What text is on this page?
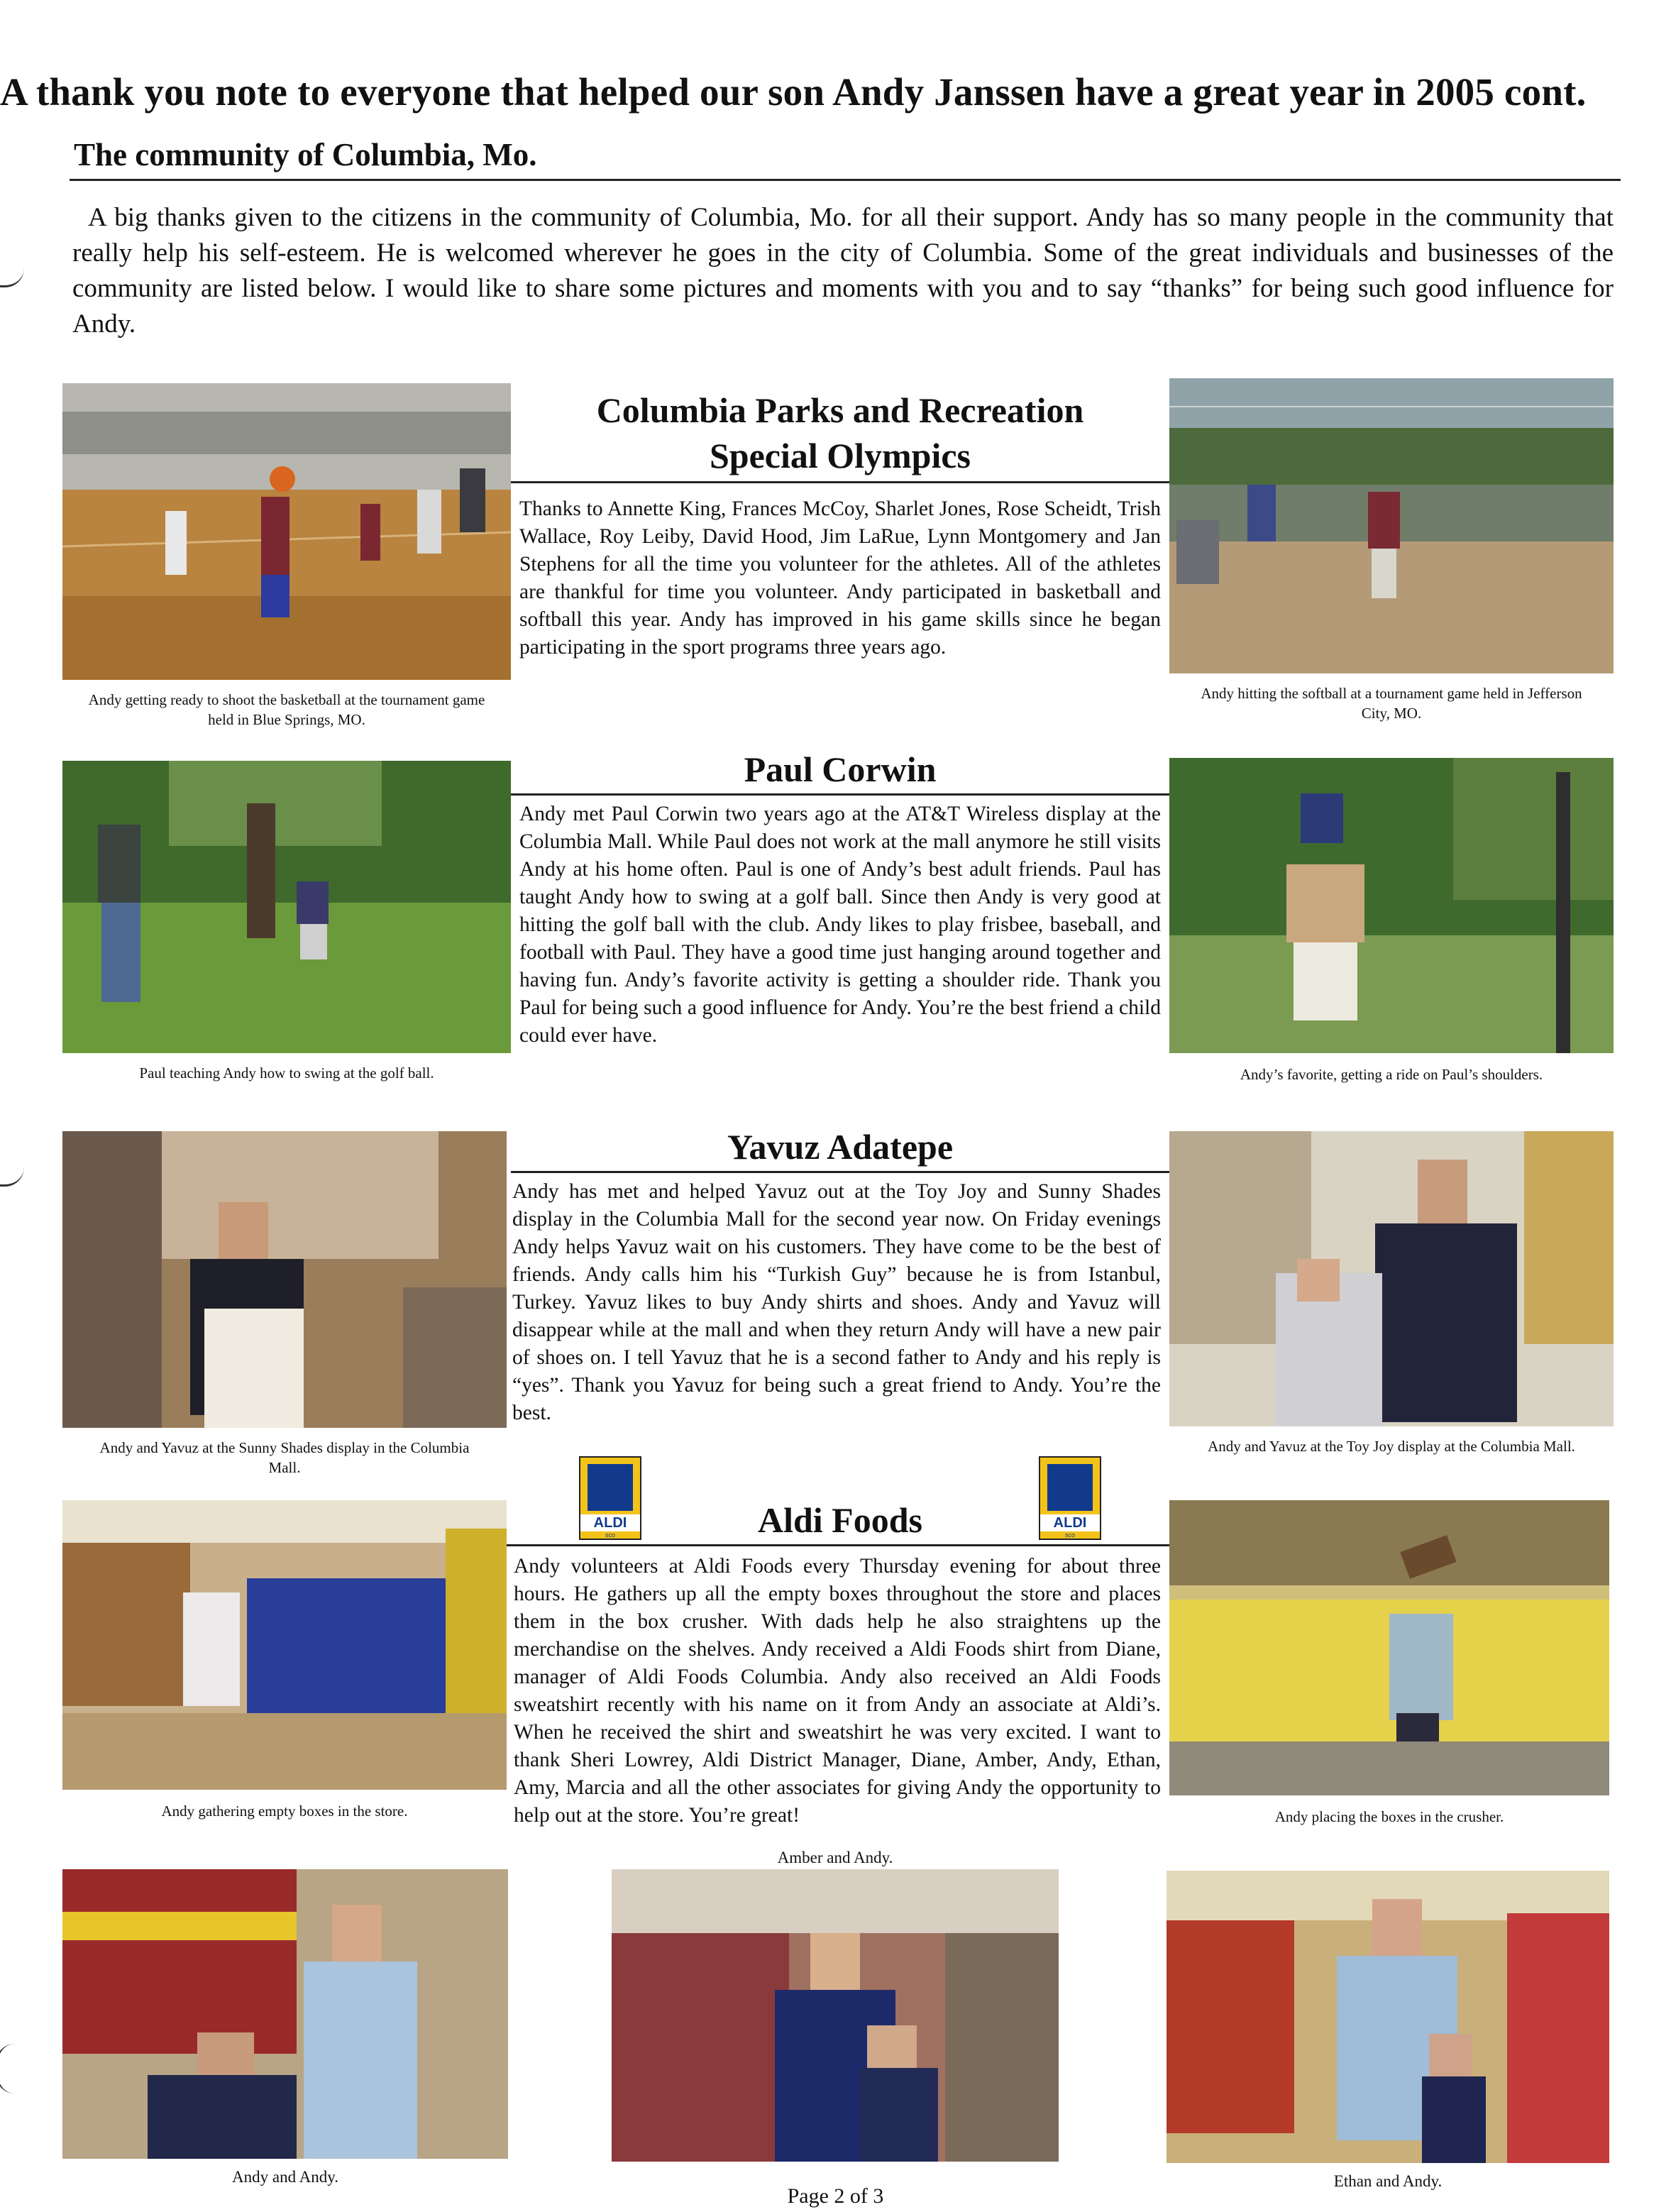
A thank you note to everyone that helped our son Andy Janssen have a great year in 2005 cont.
The community of Columbia, Mo.

A big thanks given to the citizens in the community of Columbia, Mo. for all their support. Andy has so many people in the community that really help his self-esteem. He is welcomed wherever he goes in the city of Columbia. Some of the great individuals and businesses of the community are listed below. I would like to share some pictures and moments with you and to say “thanks” for being such good influence for Andy.

Andy getting ready to shoot the basketball at the tournament game held in Blue Springs, MO.
Columbia Parks and Recreation
Special Olympics

Thanks to Annette King, Frances McCoy, Sharlet Jones, Rose Scheidt, Trish Wallace, Roy Leiby, David Hood, Jim LaRue, Lynn Montgomery and Jan Stephens for all the time you volunteer for the athletes. All of the athletes are thankful for time you volunteer. Andy participated in basketball and softball this year. Andy has improved in his game skills since he began participating in the sport programs three years ago.

Andy hitting the softball at a tournament game held in Jefferson City, MO.
Paul teaching Andy how to swing at the golf ball.
Paul Corwin

Andy met Paul Corwin two years ago at the AT&T Wireless display at the Columbia Mall. While Paul does not work at the mall anymore he still visits Andy at his home often. Paul is one of Andy’s best adult friends. Paul has taught Andy how to swing at a golf ball. Since then Andy is very good at hitting the golf ball with the club. Andy likes to play frisbee, baseball, and football with Paul. They have a good time just hanging around together and having fun. Andy’s favorite activity is getting a shoulder ride. Thank you Paul for being such a good influence for Andy. You’re the best friend a child could ever have.

Andy’s favorite, getting a ride on Paul’s shoulders.
Andy and Yavuz at the Sunny Shades display in the Columbia Mall.
Yavuz Adatepe

Andy has met and helped Yavuz out at the Toy Joy and Sunny Shades display in the Columbia Mall for the second year now. On Friday evenings Andy helps Yavuz wait on his customers. They have come to be the best of friends. Andy calls him his “Turkish Guy” because he is from Istanbul, Turkey. Yavuz likes to buy Andy shirts and shoes. Andy and Yavuz will disappear while at the mall and when they return Andy will have a new pair of shoes on. I tell Yavuz that he is a second father to Andy and his reply is “yes”. Thank you Yavuz for being such a great friend to Andy. You’re the best.

Andy and Yavuz at the Toy Joy display at the Columbia Mall.
ALDI
sco
ALDI
sco
Andy gathering empty boxes in the store.
Aldi Foods

Andy volunteers at Aldi Foods every Thursday evening for about three hours. He gathers up all the empty boxes throughout the store and places them in the box crusher. With dads help he also straightens up the merchandise on the shelves. Andy received a Aldi Foods shirt from Diane, manager of Aldi Foods Columbia. Andy also received an Aldi Foods sweatshirt recently with his name on it from Andy an associate at Aldi’s. When he received the shirt and sweatshirt he was very excited. I want to thank Sheri Lowrey, Aldi District Manager, Diane, Amber, Andy, Ethan, Amy, Marcia and all the other associates for giving Andy the opportunity to help out at the store. You’re great!	Andy placing the boxes in the crusher.
Andy and Andy.
Amber and Andy.
Ethan and Andy.
Page 2 of 3
